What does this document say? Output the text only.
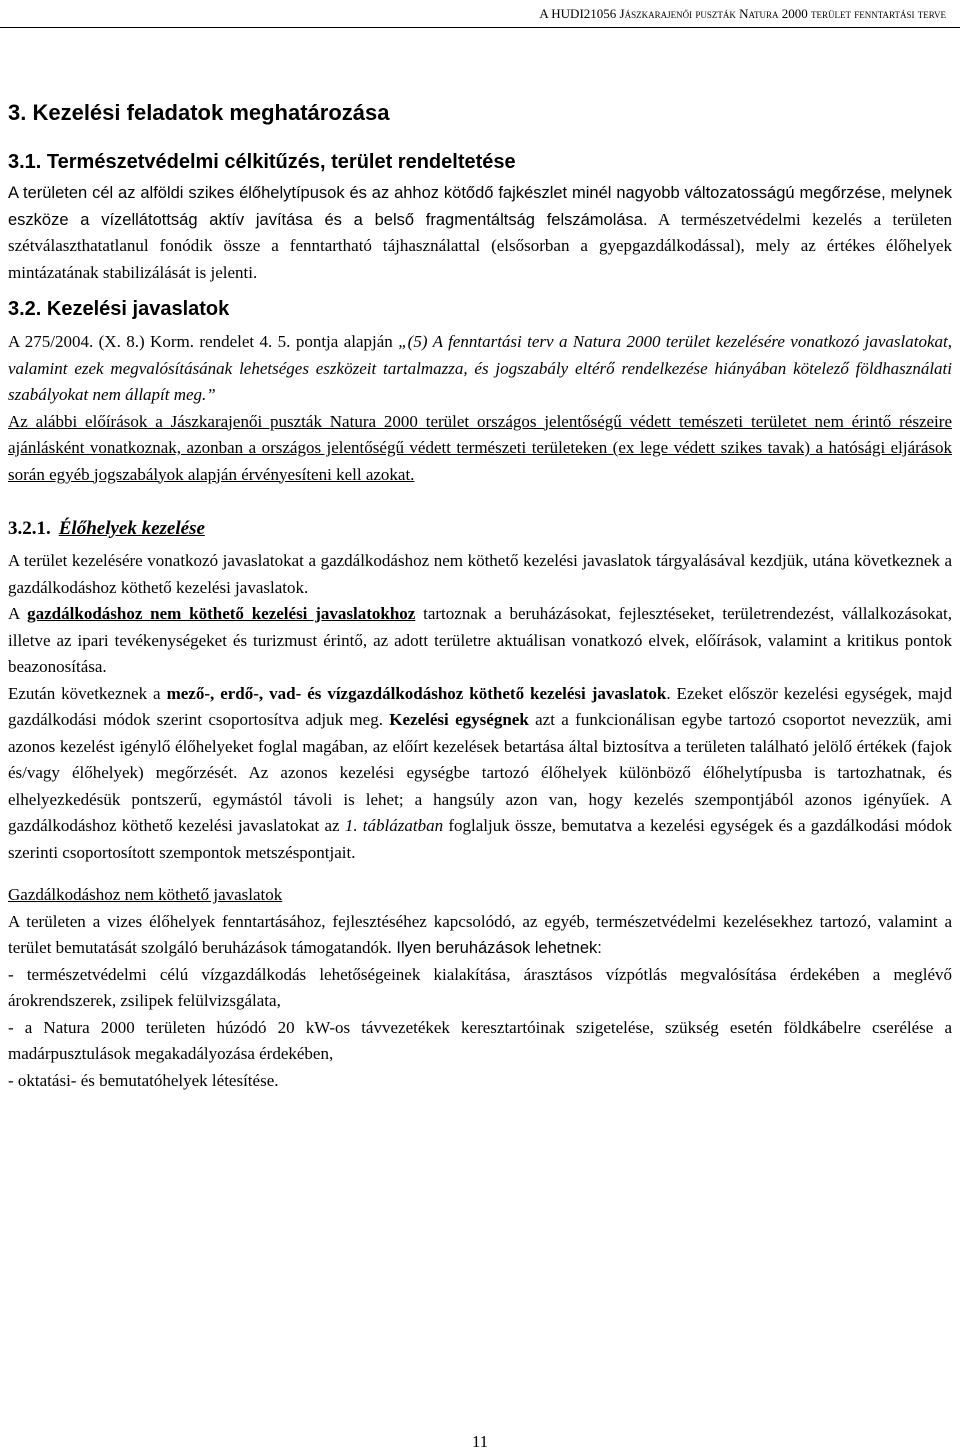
A HUDI21056 Jászkarajenői puszták Natura 2000 terület fenntartási terve
3. Kezelési feladatok meghatározása
3.1. Természetvédelmi célkitűzés, terület rendeltetése

A területen cél az alföldi szikes élőhelytípusok és az ahhoz kötődő fajkészlet minél nagyobb változatosságú megőrzése, melynek eszköze a vízellátottság aktív javítása és a belső fragmentáltság felszámolása. A természetvédelmi kezelés a területen szétválaszthatatlanul fonódik össze a fenntartható tájhasználattal (elsősorban a gyepgazdálkodással), mely az értékes élőhelyek mintázatának stabilizálását is jelenti.

3.2. Kezelési javaslatok

A 275/2004. (X. 8.) Korm. rendelet 4. 5. pontja alapján „(5) A fenntartási terv a Natura 2000 terület kezelésére vonatkozó javaslatokat, valamint ezek megvalósításának lehetséges eszközeit tartalmazza, és jogszabály eltérő rendelkezése hiányában kötelező földhasználati szabályokat nem állapít meg.”

Az alábbi előírások a Jászkarajenői puszták Natura 2000 terület országos jelentőségű védett temészeti területet nem érintő részeire ajánlásként vonatkoznak, azonban a országos jelentőségű védett természeti területeken (ex lege védett szikes tavak) a hatósági eljárások során egyéb jogszabályok alapján érvényesíteni kell azokat.

3.2.1. Élőhelyek kezelése

A terület kezelésére vonatkozó javaslatokat a gazdálkodáshoz nem köthető kezelési javaslatok tárgyalásával kezdjük, utána következnek a gazdálkodáshoz köthető kezelési javaslatok.

A gazdálkodáshoz nem köthető kezelési javaslatokhoz tartoznak a beruházásokat, fejlesztéseket, területrendezést, vállalkozásokat, illetve az ipari tevékenységeket és turizmust érintő, az adott területre aktuálisan vonatkozó elvek, előírások, valamint a kritikus pontok beazonosítása.

Ezután következnek a mező-, erdő-, vad- és vízgazdálkodáshoz köthető kezelési javaslatok. Ezeket először kezelési egységek, majd gazdálkodási módok szerint csoportosítva adjuk meg. Kezelési egységnek azt a funkcionálisan egybe tartozó csoportot nevezzük, ami azonos kezelést igénylő élőhelyeket foglal magában, az előírt kezelések betartása által biztosítva a területen található jelölő értékek (fajok és/vagy élőhelyek) megőrzését. Az azonos kezelési egységbe tartozó élőhelyek különböző élőhelytípusba is tartozhatnak, és elhelyezkedésük pontszerű, egymástól távoli is lehet; a hangsúly azon van, hogy kezelés szempontjából azonos igényűek. A gazdálkodáshoz köthető kezelési javaslatokat az 1. táblázatban foglaljuk össze, bemutatva a kezelési egységek és a gazdálkodási módok szerinti csoportosított szempontok metszéspontjait.

Gazdálkodáshoz nem köthető javaslatok

A területen a vizes élőhelyek fenntartásához, fejlesztéséhez kapcsolódó, az egyéb, természetvédelmi kezelésekhez tartozó, valamint a terület bemutatását szolgáló beruházások támogatandók. Ilyen beruházások lehetnek:

- természetvédelmi célú vízgazdálkodás lehetőségeinek kialakítása, árasztásos vízpótlás megvalósítása érdekében a meglévő árokrendszerek, zsilipek felülvizsgálata,

- a Natura 2000 területen húzódó 20 kW-os távvezetékek keresztartóinak szigetelése, szükség esetén földkábelre cserélése a madárpusztulások megakadályozása érdekében,

- oktatási- és bemutatóhelyek létesítése.

11
